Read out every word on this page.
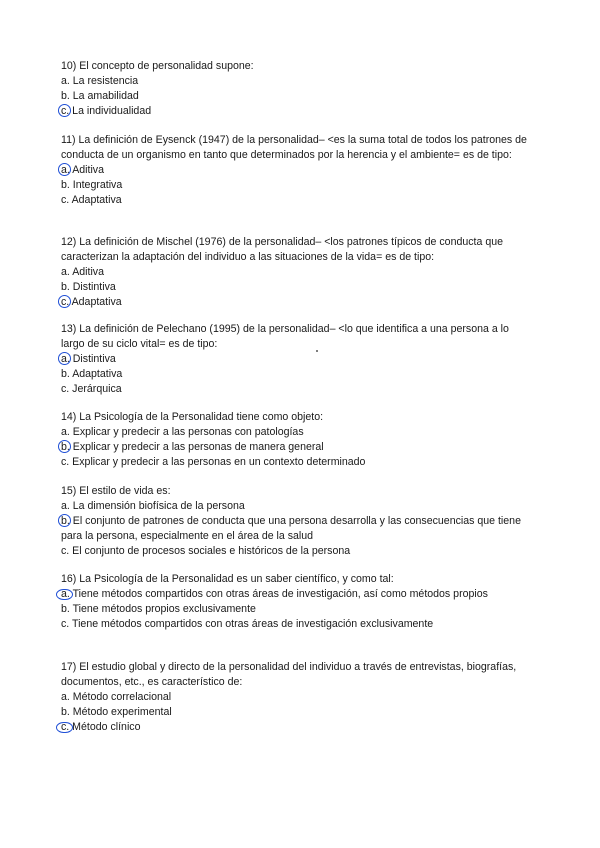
10) El concepto de personalidad supone:

a. La resistencia

b. La amabilidad

c. La individualidad

11) La definición de Eysenck (1947) de la personalidad– <es la suma total de todos los patrones de conducta de un organismo en tanto que determinados por la herencia y el ambiente= es de tipo:

a. Aditiva

b. Integrativa

c. Adaptativa

12) La definición de Mischel (1976) de la personalidad– <los patrones típicos de conducta que caracterizan la adaptación del individuo a las situaciones de la vida= es de tipo:

a. Aditiva

b. Distintiva

c. Adaptativa

13) La definición de Pelechano (1995) de la personalidad– <lo que identifica a una persona a lo largo de su ciclo vital= es de tipo:

a. Distintiva

b. Adaptativa

c. Jerárquica

14) La Psicología de la Personalidad tiene como objeto:

a. Explicar y predecir a las personas con patologías

b. Explicar y predecir a las personas de manera general

c. Explicar y predecir a las personas en un contexto determinado

15) El estilo de vida es:

a. La dimensión biofísica de la persona

b. El conjunto de patrones de conducta que una persona desarrolla y las consecuencias que tiene para la persona, especialmente en el área de la salud

c. El conjunto de procesos sociales e históricos de la persona

16) La Psicología de la Personalidad es un saber científico, y como tal:

a. Tiene métodos compartidos con otras áreas de investigación, así como métodos propios

b. Tiene métodos propios exclusivamente

c. Tiene métodos compartidos con otras áreas de investigación exclusivamente

17) El estudio global y directo de la personalidad del individuo a través de entrevistas, biografías, documentos, etc., es característico de:

a. Método correlacional

b. Método experimental

c. Método clínico
